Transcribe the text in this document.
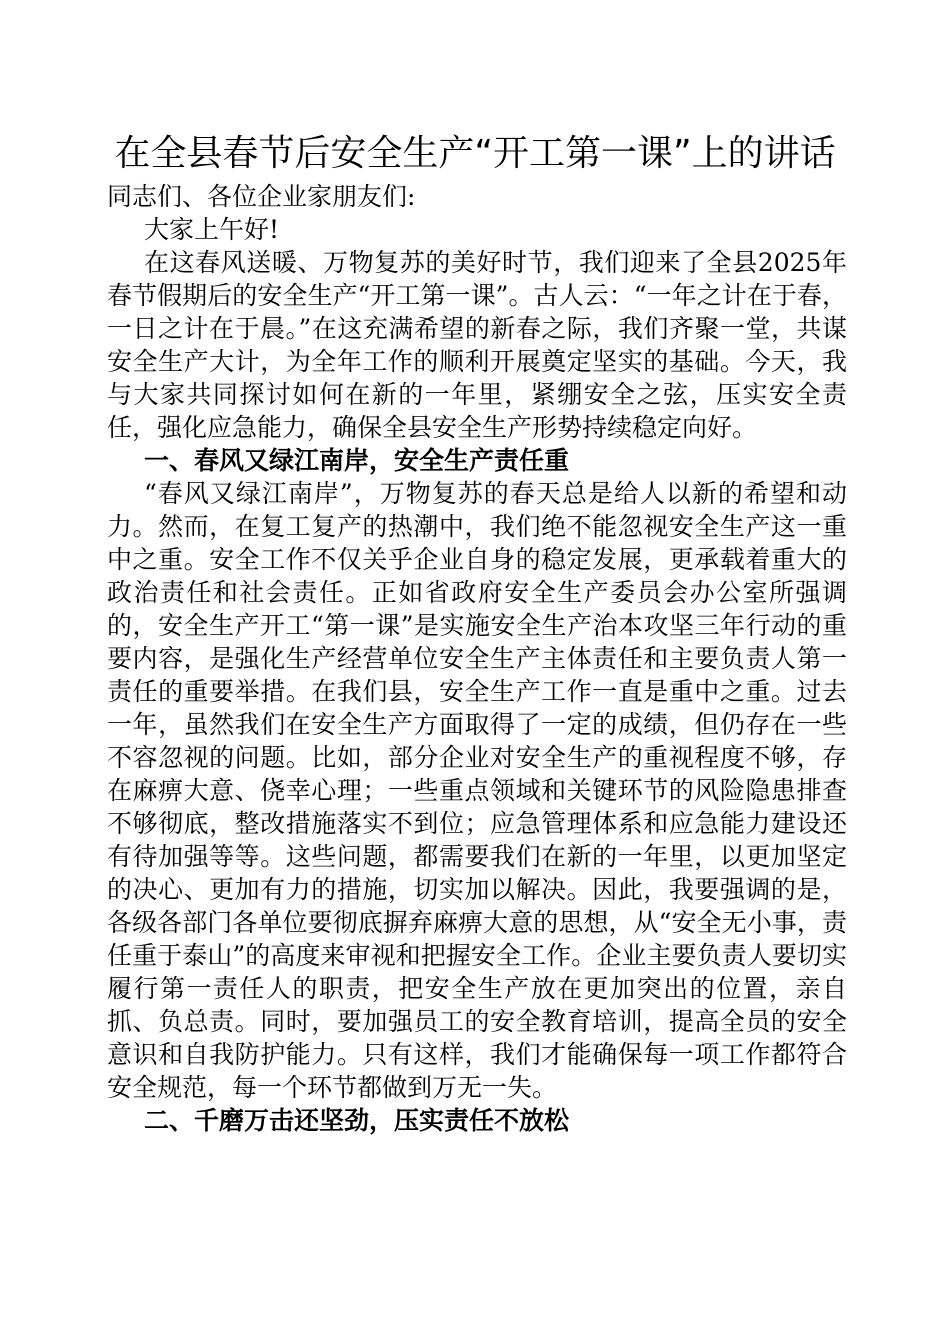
在全县春节后安全生产“开工第一课”上的讲话

同志们、各位企业家朋友们:

大家上午好!

在这春风送暖、万物复苏的美好时节，我们迎来了全县2025年春节假期后的安全生产“开工第一课”。古人云：“一年之计在于春，一日之计在于晨。”在这充满希望的新春之际，我们齐聚一堂，共谋安全生产大计，为全年工作的顺利开展奠定坚实的基础。今天，我与大家共同探讨如何在新的一年里，紧绷安全之弦，压实安全责任，强化应急能力，确保全县安全生产形势持续稳定向好。

一、春风又绿江南岸，安全生产责任重

“春风又绿江南岸”，万物复苏的春天总是给人以新的希望和动力。然而，在复工复产的热潮中，我们绝不能忽视安全生产这一重中之重。安全工作不仅关乎企业自身的稳定发展，更承载着重大的政治责任和社会责任。正如省政府安全生产委员会办公室所强调的，安全生产开工“第一课”是实施安全生产治本攻坚三年行动的重要内容，是强化生产经营单位安全生产主体责任和主要负责人第一责任的重要举措。在我们县，安全生产工作一直是重中之重。过去一年，虽然我们在安全生产方面取得了一定的成绩，但仍存在一些不容忽视的问题。比如，部分企业对安全生产的重视程度不够，存在麻痹大意、侥幸心理；一些重点领域和关键环节的风险隐患排查不够彻底，整改措施落实不到位；应急管理体系和应急能力建设还有待加强等等。这些问题，都需要我们在新的一年里，以更加坚定的决心、更加有力的措施，切实加以解决。因此，我要强调的是，各级各部门各单位要彻底摒弃麻痹大意的思想，从“安全无小事，责任重于泰山”的高度来审视和把握安全工作。企业主要负责人要切实履行第一责任人的职责，把安全生产放在更加突出的位置，亲自抓、负总责。同时，要加强员工的安全教育培训，提高全员的安全意识和自我防护能力。只有这样，我们才能确保每一项工作都符合安全规范，每一个环节都做到万无一失。

二、千磨万击还坚劲，压实责任不放松
